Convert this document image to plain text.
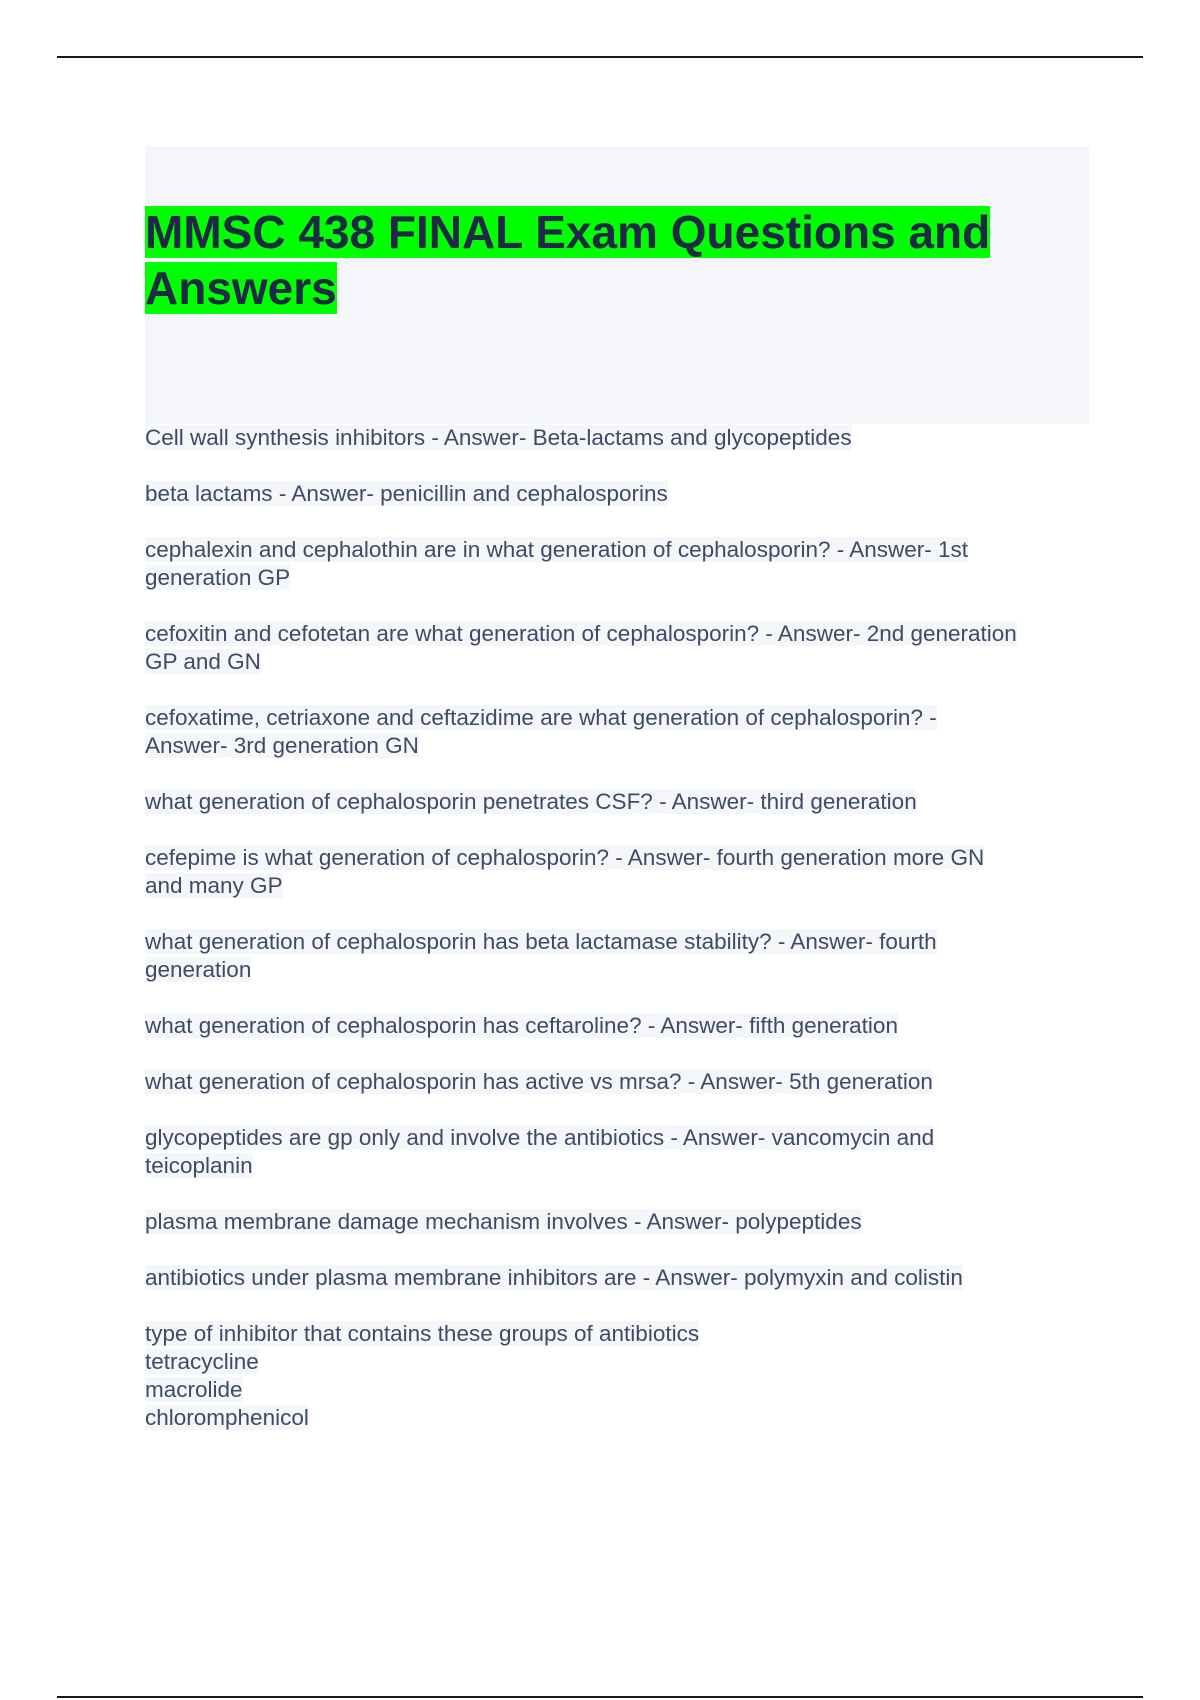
MMSC 438 FINAL Exam Questions and Answers

Cell wall synthesis inhibitors - Answer- Beta-lactams and glycopeptides

beta lactams - Answer- penicillin and cephalosporins

cephalexin and cephalothin are in what generation of cephalosporin? - Answer- 1st
generation GP

cefoxitin and cefotetan are what generation of cephalosporin? - Answer- 2nd generation
GP and GN

cefoxatime, cetriaxone and ceftazidime are what generation of cephalosporin? -
Answer- 3rd generation GN

what generation of cephalosporin penetrates CSF? - Answer- third generation

cefepime is what generation of cephalosporin? - Answer- fourth generation more GN
and many GP

what generation of cephalosporin has beta lactamase stability? - Answer- fourth
generation

what generation of cephalosporin has ceftaroline? - Answer- fifth generation

what generation of cephalosporin has active vs mrsa? - Answer- 5th generation

glycopeptides are gp only and involve the antibiotics - Answer- vancomycin and
teicoplanin

plasma membrane damage mechanism involves - Answer- polypeptides

antibiotics under plasma membrane inhibitors are - Answer- polymyxin and colistin

type of inhibitor that contains these groups of antibiotics
tetracycline
macrolide
chloromphenicol
